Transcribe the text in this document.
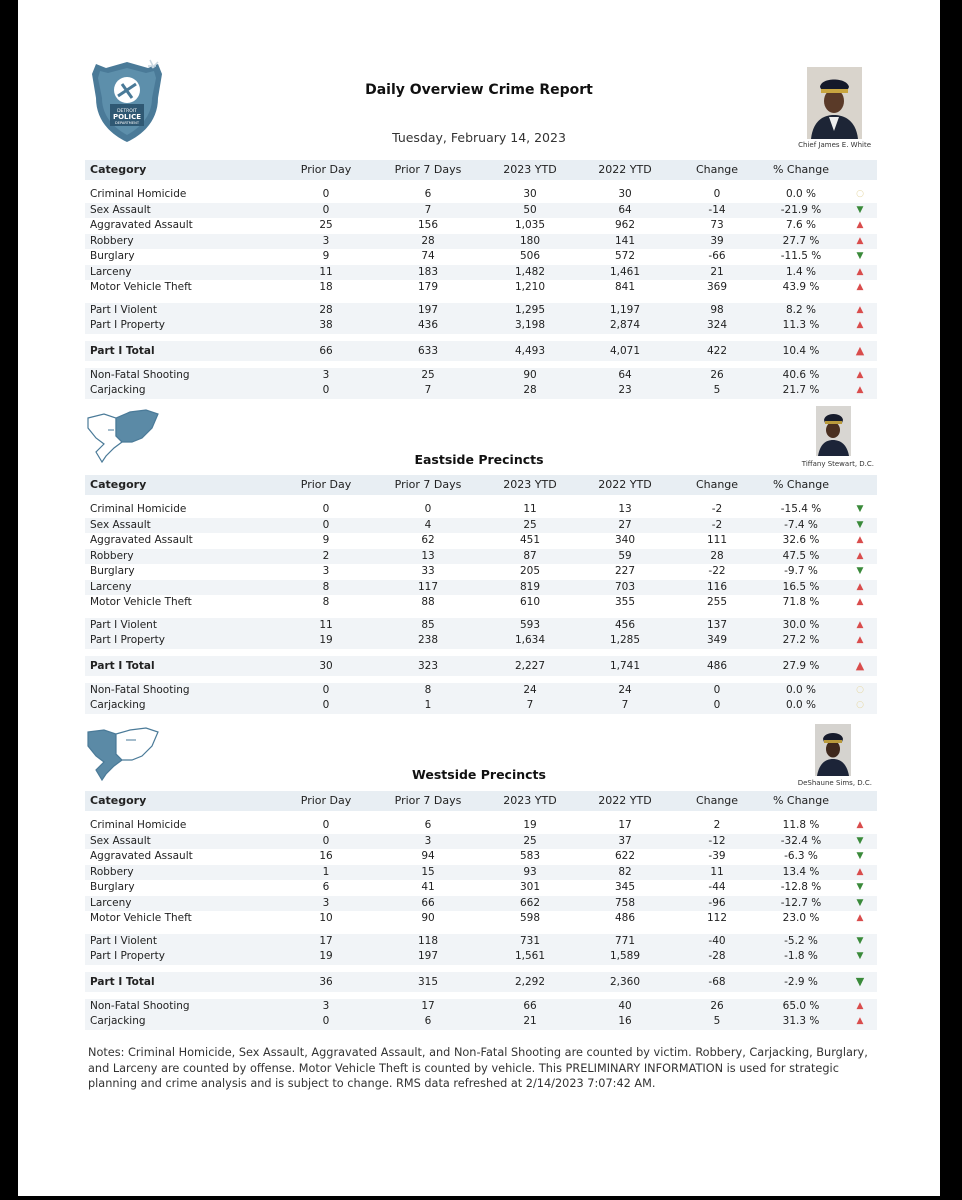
DETROIT
POLICE
DEPARTMENT
Daily Overview Crime Report
Tuesday, February 14, 2023	Chief James E. White
Category	Prior Day	Prior 7 Days	2023 YTD	2022 YTD	Change	% Change	

Criminal Homicide	0	6	30	30	0	0.0 %	○
Sex Assault	0	7	50	64	-14	-21.9 %	▼
Aggravated Assault	25	156	1,035	962	73	7.6 %	▲
Robbery	3	28	180	141	39	27.7 %	▲
Burglary	9	74	506	572	-66	-11.5 %	▼
Larceny	11	183	1,482	1,461	21	1.4 %	▲
Motor Vehicle Theft	18	179	1,210	841	369	43.9 %	▲

Part I Violent	28	197	1,295	1,197	98	8.2 %	▲
Part I Property	38	436	3,198	2,874	324	11.3 %	▲

Part I Total	66	633	4,493	4,071	422	10.4 %	▲

Non-Fatal Shooting	3	25	90	64	26	40.6 %	▲
Carjacking	0	7	28	23	5	21.7 %	▲
Tiffany Stewart, D.C.
Eastside Precincts
Category	Prior Day	Prior 7 Days	2023 YTD	2022 YTD	Change	% Change	

Criminal Homicide	0	0	11	13	-2	-15.4 %	▼
Sex Assault	0	4	25	27	-2	-7.4 %	▼
Aggravated Assault	9	62	451	340	111	32.6 %	▲
Robbery	2	13	87	59	28	47.5 %	▲
Burglary	3	33	205	227	-22	-9.7 %	▼
Larceny	8	117	819	703	116	16.5 %	▲
Motor Vehicle Theft	8	88	610	355	255	71.8 %	▲

Part I Violent	11	85	593	456	137	30.0 %	▲
Part I Property	19	238	1,634	1,285	349	27.2 %	▲

Part I Total	30	323	2,227	1,741	486	27.9 %	▲

Non-Fatal Shooting	0	8	24	24	0	0.0 %	○
Carjacking	0	1	7	7	0	0.0 %	○
DeShaune Sims, D.C.
Westside Precincts
Category	Prior Day	Prior 7 Days	2023 YTD	2022 YTD	Change	% Change	

Criminal Homicide	0	6	19	17	2	11.8 %	▲
Sex Assault	0	3	25	37	-12	-32.4 %	▼
Aggravated Assault	16	94	583	622	-39	-6.3 %	▼
Robbery	1	15	93	82	11	13.4 %	▲
Burglary	6	41	301	345	-44	-12.8 %	▼
Larceny	3	66	662	758	-96	-12.7 %	▼
Motor Vehicle Theft	10	90	598	486	112	23.0 %	▲

Part I Violent	17	118	731	771	-40	-5.2 %	▼
Part I Property	19	197	1,561	1,589	-28	-1.8 %	▼

Part I Total	36	315	2,292	2,360	-68	-2.9 %	▼

Non-Fatal Shooting	3	17	66	40	26	65.0 %	▲
Carjacking	0	6	21	16	5	31.3 %	▲
Notes: Criminal Homicide, Sex Assault, Aggravated Assault, and Non-Fatal Shooting are counted by victim. Robbery, Carjacking, Burglary, and Larceny are counted by offense. Motor Vehicle Theft is counted by vehicle. This PRELIMINARY INFORMATION is used for strategic planning and crime analysis and is subject to change. RMS data refreshed at 2/14/2023 7:07:42 AM.
